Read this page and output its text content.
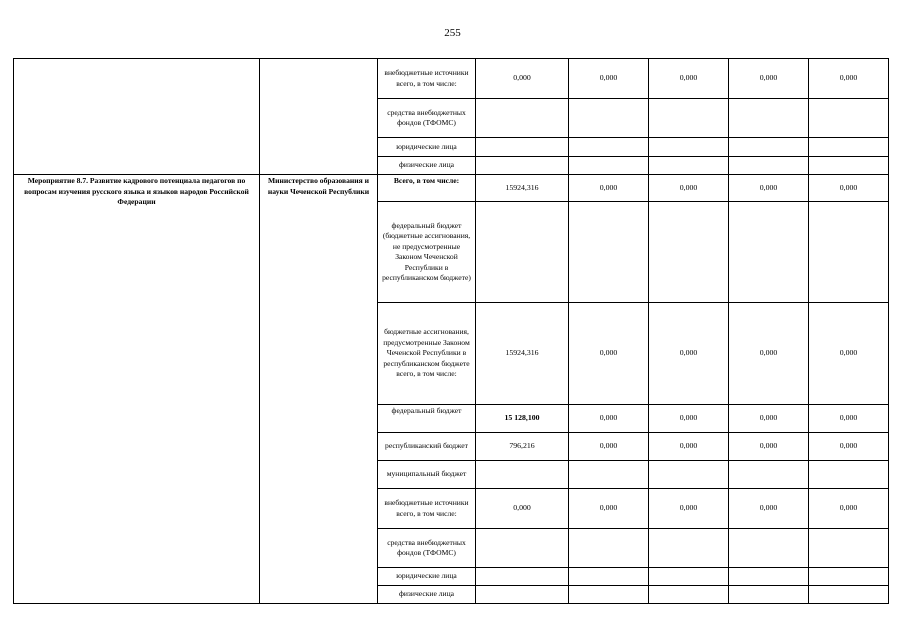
255
		внебюджетные источники всего, в том числе:	0,000	0,000	0,000	0,000	0,000
		средства внебюджетных фондов (ТФОМС)					
		юридические лица					
		физические лица					
Мероприятие 8.7. Развитие кадрового потенциала педагогов по вопросам изучения русского языка и языков народов Российской Федерации	Министерство образования и науки Чеченской Республики	Всего, в том числе:	15924,316	0,000	0,000	0,000	0,000
		федеральный бюджет (бюджетные ассигнования, не предусмотренные Законом Чеченской Республики в республиканском бюджете)					
		бюджетные ассигнования, предусмотренные Законом Чеченской Республики в республиканском бюджете всего, в том числе:	15924,316	0,000	0,000	0,000	0,000
		федеральный бюджет	15 128,100	0,000	0,000	0,000	0,000
		республиканский бюджет	796,216	0,000	0,000	0,000	0,000
		муниципальный бюджет					
		внебюджетные источники всего, в том числе:	0,000	0,000	0,000	0,000	0,000
		средства внебюджетных фондов (ТФОМС)					
		юридические лица					
		физические лица					
